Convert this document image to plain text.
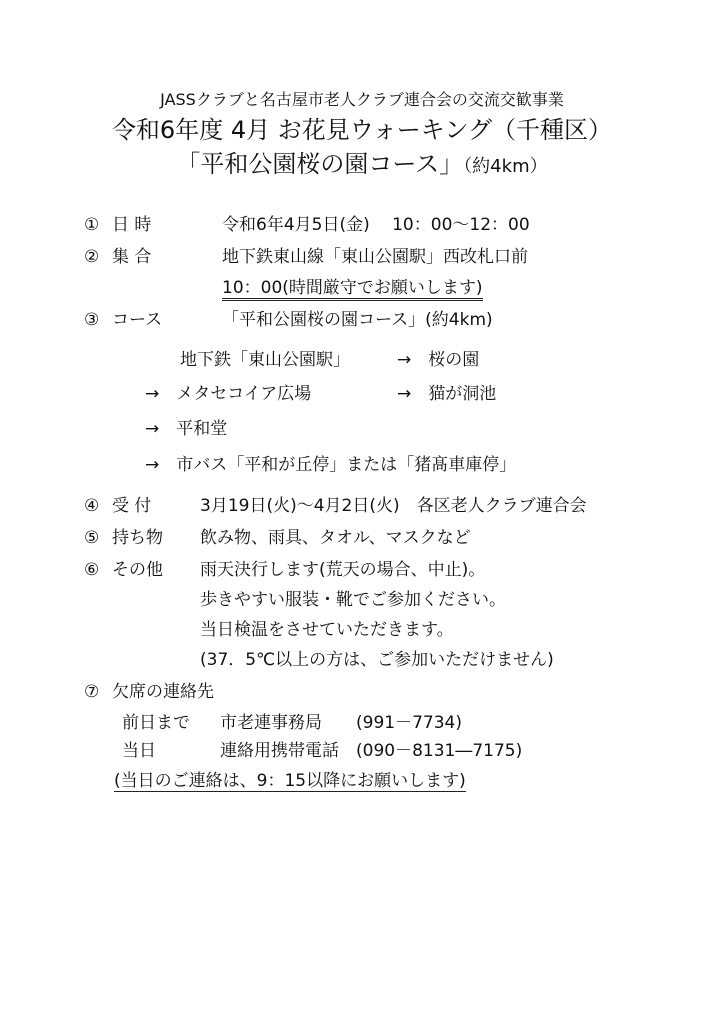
JASSクラブと名古屋市老人クラブ連合会の交流交歓事業
令和6年度 4月 お花見ウォーキング（千種区）
「平和公園桜の園コース」（約4km）
① 日 時	令和6年4月5日(金)　 10：00～12：00
② 集 合	地下鉄東山線「東山公園駅」西改札口前
10：00(時間厳守でお願いします)
③ コース	「平和公園桜の園コース」(約4km)
地下鉄「東山公園駅」	→　桜の園
→　メタセコイア広場	→　猫が洞池
→　平和堂
→　市バス「平和が丘停」または「猪髙車庫停」
④ 受 付	3月19日(火)～4月2日(火)　各区老人クラブ連合会
⑤ 持ち物 飲み物、雨具、タオル、マスクなど
⑥ その他 雨天決行します(荒天の場合、中止)。
歩きやすい服装・靴でご参加ください。
当日検温をさせていただきます。
(37．5℃以上の方は、ご参加いただけません)
⑦ 欠席の連絡先
前日まで 市老連事務局　　(991－7734)
当日	連絡用携帯電話　(090－8131―7175)
(当日のご連絡は、9：15以降にお願いします)
